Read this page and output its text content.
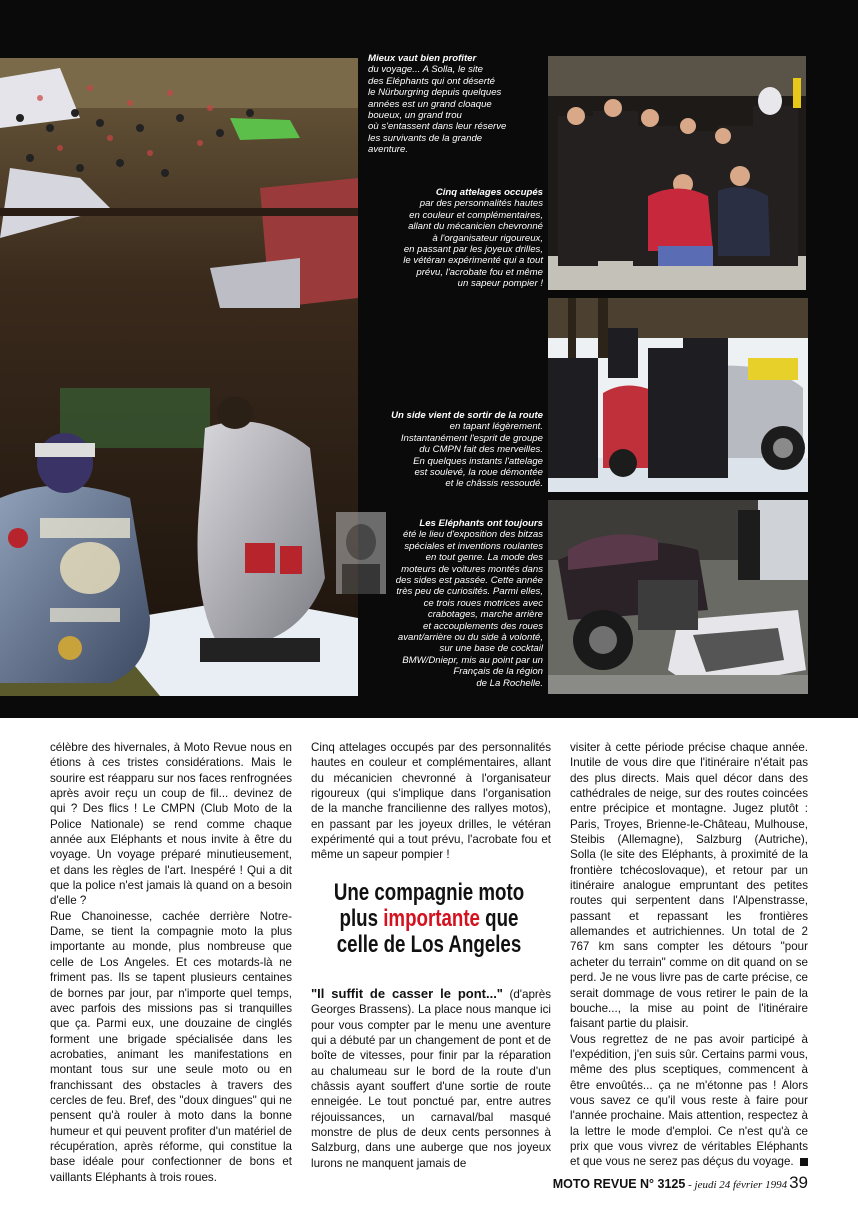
Mieux vaut bien profiter
du voyage... A Solla, le site
des Eléphants qui ont déserté
le Nürburgring depuis quelques
années est un grand cloaque
boueux, un grand trou
où s'entassent dans leur réserve
les survivants de la grande
aventure.
Cinq attelages occupés
par des personnalités hautes
en couleur et complémentaires,
allant du mécanicien chevronné
à l'organisateur rigoureux,
en passant par les joyeux drilles,
le vétéran expérimenté qui a tout
prévu, l'acrobate fou et même
un sapeur pompier !
Un side vient de sortir de la route
en tapant légèrement.
Instantanément l'esprit de groupe
du CMPN fait des merveilles.
En quelques instants l'attelage
est soulevé, la roue démontée
et le châssis ressoudé.
Les Eléphants ont toujours
été le lieu d'exposition des bitzas
spéciales et inventions roulantes
en tout genre. La mode des
moteurs de voitures montés dans
des sides est passée. Cette année
très peu de curiosités. Parmi elles,
ce trois roues motrices avec
crabotages, marche arrière
et accouplements des roues
avant/arrière ou du side à volonté,
sur une base de cocktail
BMW/Dniepr, mis au point par un
Français de la région
de La Rochelle.

célèbre des hivernales, à Moto Revue nous en étions à ces tristes considérations. Mais le sourire est réapparu sur nos faces renfrognées après avoir reçu un coup de fil... devinez de qui ? Des flics ! Le CMPN (Club Moto de la Police Nationale) se rend comme chaque année aux Eléphants et nous invite à être du voyage. Un voyage préparé minutieusement, et dans les règles de l'art. Inespéré ! Qui a dit que la police n'est jamais là quand on a besoin d'elle ?

Rue Chanoinesse, cachée derrière Notre-Dame, se tient la compagnie moto la plus importante au monde, plus nombreuse que celle de Los Angeles. Et ces motards-là ne friment pas. Ils se tapent plusieurs centaines de bornes par jour, par n'importe quel temps, avec parfois des missions pas si tranquilles que ça. Parmi eux, une douzaine de cinglés forment une brigade spécialisée dans les acrobaties, animant les manifestations en montant tous sur une seule moto ou en franchissant des obstacles à travers des cercles de feu. Bref, des "doux dingues" qui ne pensent qu'à rouler à moto dans la bonne humeur et qui peuvent profiter d'un matériel de récupération, après réforme, qui constitue la base idéale pour confectionner de bons et vaillants Eléphants à trois roues.

Cinq attelages occupés par des personnalités hautes en couleur et complémentaires, allant du mécanicien chevronné à l'organisateur rigoureux (qui s'implique dans l'organisation de la manche francilienne des rallyes motos), en passant par les joyeux drilles, le vétéran expérimenté qui a tout prévu, l'acrobate fou et même un sapeur pompier !

Une compagnie moto plus importante que celle de Los Angeles

"Il suffit de casser le pont..." (d'après Georges Brassens). La place nous manque ici pour vous compter par le menu une aventure qui a débuté par un changement de pont et de boîte de vitesses, pour finir par la réparation au chalumeau sur le bord de la route d'un châssis ayant souffert d'une sortie de route enneigée. Le tout ponctué par, entre autres réjouissances, un carnaval/bal masqué monstre de plus de deux cents personnes à Salzburg, dans une auberge que nos joyeux lurons ne manquent jamais de

visiter à cette période précise chaque année. Inutile de vous dire que l'itinéraire n'était pas des plus directs. Mais quel décor dans des cathédrales de neige, sur des routes coincées entre précipice et montagne. Jugez plutôt : Paris, Troyes, Brienne-le-Château, Mulhouse, Steibis (Allemagne), Salzburg (Autriche), Solla (le site des Eléphants, à proximité de la frontière tchécoslovaque), et retour par un itinéraire analogue empruntant des petites routes qui serpentent dans l'Alpenstrasse, passant et repassant les frontières allemandes et autrichiennes. Un total de 2 767 km sans compter les détours "pour acheter du terrain" comme on dit quand on se perd. Je ne vous livre pas de carte précise, ce serait dommage de vous retirer le pain de la bouche..., la mise au point de l'itinéraire faisant partie du plaisir.

Vous regrettez de ne pas avoir participé à l'expédition, j'en suis sûr. Certains parmi vous, même des plus sceptiques, commencent à être envoûtés... ça ne m'étonne pas ! Alors vous savez ce qu'il vous reste à faire pour l'année prochaine. Mais attention, respectez à la lettre le mode d'emploi. Ce n'est qu'à ce prix que vous vivrez de véritables Eléphants et que vous ne serez pas déçus du voyage.

MOTO REVUE N° 3125 - jeudi 24 février 1994 39
